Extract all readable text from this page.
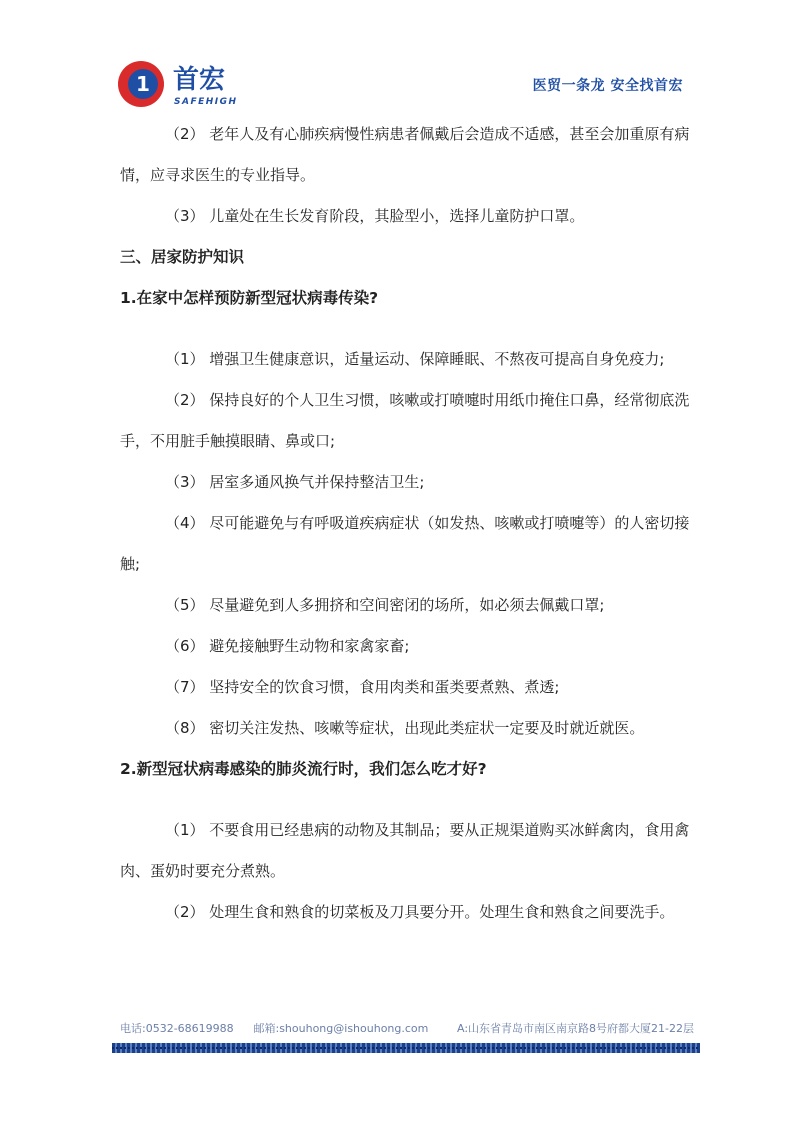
1 首宏
SAFEHIGH
医贸一条龙 安全找首宏

（2） 老年人及有心肺疾病慢性病患者佩戴后会造成不适感，甚至会加重原有病情，应寻求医生的专业指导。

（3） 儿童处在生长发育阶段，其脸型小，选择儿童防护口罩。

三、居家防护知识

1.在家中怎样预防新型冠状病毒传染?

（1） 增强卫生健康意识，适量运动、保障睡眠、不熬夜可提高自身免疫力;

（2） 保持良好的个人卫生习惯，咳嗽或打喷嚏时用纸巾掩住口鼻，经常彻底洗手，不用脏手触摸眼睛、鼻或口;

（3） 居室多通风换气并保持整洁卫生;

（4） 尽可能避免与有呼吸道疾病症状（如发热、咳嗽或打喷嚏等）的人密切接触;

（5） 尽量避免到人多拥挤和空间密闭的场所，如必须去佩戴口罩;

（6） 避免接触野生动物和家禽家畜;

（7） 坚持安全的饮食习惯，食用肉类和蛋类要煮熟、煮透;

（8） 密切关注发热、咳嗽等症状，出现此类症状一定要及时就近就医。

2.新型冠状病毒感染的肺炎流行时，我们怎么吃才好?

（1） 不要食用已经患病的动物及其制品；要从正规渠道购买冰鲜禽肉，食用禽肉、蛋奶时要充分煮熟。

（2） 处理生食和熟食的切菜板及刀具要分开。处理生食和熟食之间要洗手。

电话:0532-68619988 邮箱:shouhong@ishouhong.com	A:山东省青岛市南区南京路8号府都大厦21-22层
